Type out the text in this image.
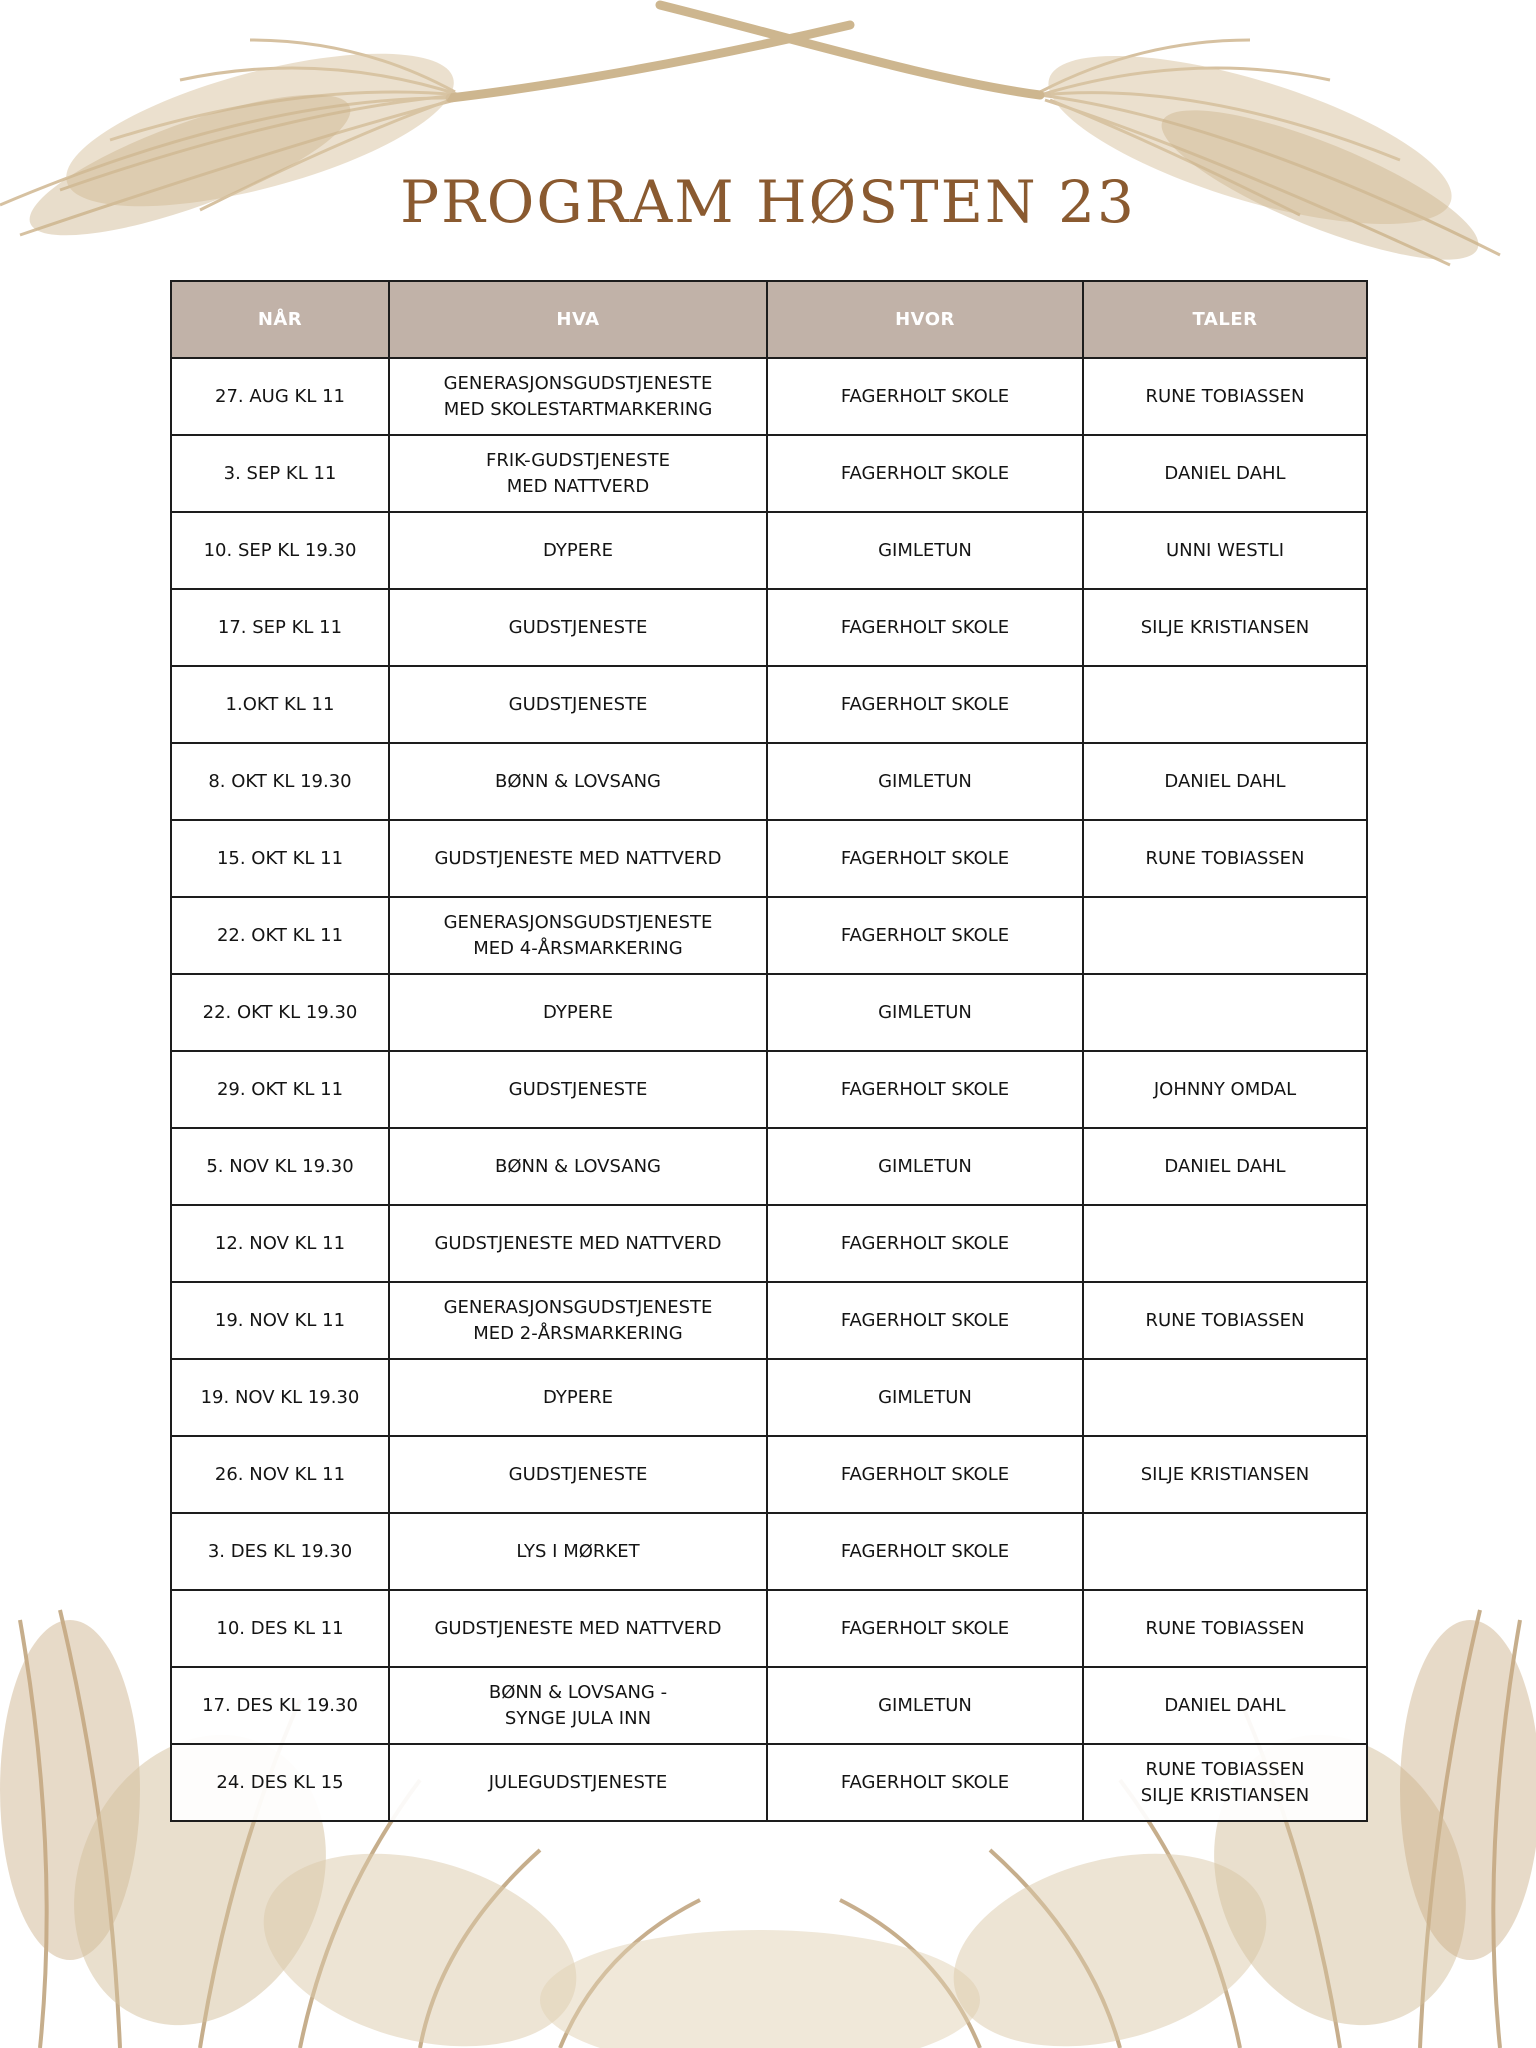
PROGRAM HØSTEN 23
NÅR	HVA	HVOR	TALER
27. AUG KL 11	GENERASJONSGUDSTJENESTE
MED SKOLESTARTMARKERING	FAGERHOLT SKOLE	RUNE TOBIASSEN

3. SEP KL 11	FRIK-GUDSTJENESTE
MED NATTVERD	FAGERHOLT SKOLE	DANIEL DAHL

10. SEP KL 19.30	DYPERE	GIMLETUN	UNNI WESTLI

17. SEP KL 11	GUDSTJENESTE	FAGERHOLT SKOLE	SILJE KRISTIANSEN

1.OKT KL 11	GUDSTJENESTE	FAGERHOLT SKOLE	
8. OKT KL 19.30	BØNN & LOVSANG	GIMLETUN	DANIEL DAHL

15. OKT KL 11	GUDSTJENESTE MED NATTVERD	FAGERHOLT SKOLE	RUNE TOBIASSEN

22. OKT KL 11	GENERASJONSGUDSTJENESTE
MED 4-ÅRSMARKERING	FAGERHOLT SKOLE	
22. OKT KL 19.30	DYPERE	GIMLETUN	
29. OKT KL 11	GUDSTJENESTE	FAGERHOLT SKOLE	JOHNNY OMDAL

5. NOV KL 19.30	BØNN & LOVSANG	GIMLETUN	DANIEL DAHL

12. NOV KL 11	GUDSTJENESTE MED NATTVERD	FAGERHOLT SKOLE	
19. NOV KL 11	GENERASJONSGUDSTJENESTE
MED 2-ÅRSMARKERING	FAGERHOLT SKOLE	RUNE TOBIASSEN

19. NOV KL 19.30	DYPERE	GIMLETUN	
26. NOV KL 11	GUDSTJENESTE	FAGERHOLT SKOLE	SILJE KRISTIANSEN

3. DES KL 19.30	LYS I MØRKET	FAGERHOLT SKOLE	
10. DES KL 11	GUDSTJENESTE MED NATTVERD	FAGERHOLT SKOLE	RUNE TOBIASSEN

17. DES KL 19.30	BØNN & LOVSANG -
SYNGE JULA INN	GIMLETUN	DANIEL DAHL

24. DES KL 15	JULEGUDSTJENESTE	FAGERHOLT SKOLE	RUNE TOBIASSEN
SILJE KRISTIANSEN
